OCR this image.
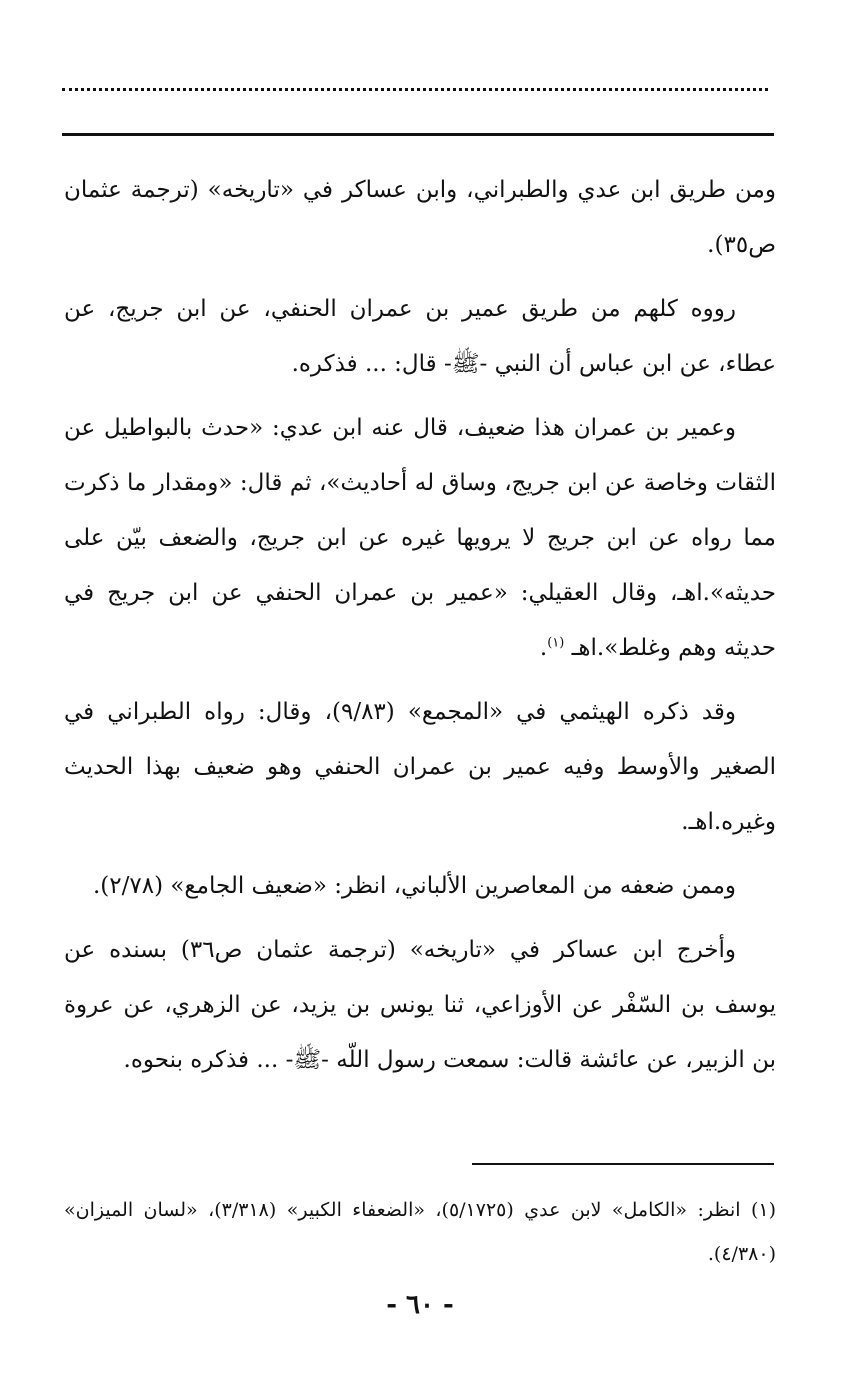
ومن طريق ابن عدي والطبراني، وابن عساكر في «تاريخه» (ترجمة عثمان ص٣٥).

رووه كلهم من طريق عمير بن عمران الحنفي، عن ابن جريج، عن عطاء، عن ابن عباس أن النبي -ﷺ- قال: ... فذكره.

وعمير بن عمران هذا ضعيف، قال عنه ابن عدي: «حدث بالبواطيل عن الثقات وخاصة عن ابن جريج، وساق له أحاديث»، ثم قال: «ومقدار ما ذكرت مما رواه عن ابن جريج لا يرويها غيره عن ابن جريج، والضعف بيّن على حديثه».اهـ، وقال العقيلي: «عمير بن عمران الحنفي عن ابن جريج في حديثه وهم وغلط».اهـ $^{(١)}$.

وقد ذكره الهيثمي في «المجمع» (٩/٨٣)، وقال: رواه الطبراني في الصغير والأوسط وفيه عمير بن عمران الحنفي وهو ضعيف بهذا الحديث وغيره.اهـ.

وممن ضعفه من المعاصرين الألباني، انظر: «ضعيف الجامع» (٢/٧٨).

وأخرج ابن عساكر في «تاريخه» (ترجمة عثمان ص٣٦) بسنده عن يوسف بن السّفْر عن الأوزاعي، ثنا يونس بن يزيد، عن الزهري، عن عروة بن الزبير، عن عائشة قالت: سمعت رسول اللّه -ﷺ- ... فذكره بنحوه.

(١) انظر: «الكامل» لابن عدي (٥/١٧٢٥)، «الضعفاء الكبير» (٣/٣١٨)، «لسان الميزان» (٤/٣٨٠).

- ٦٠ -
